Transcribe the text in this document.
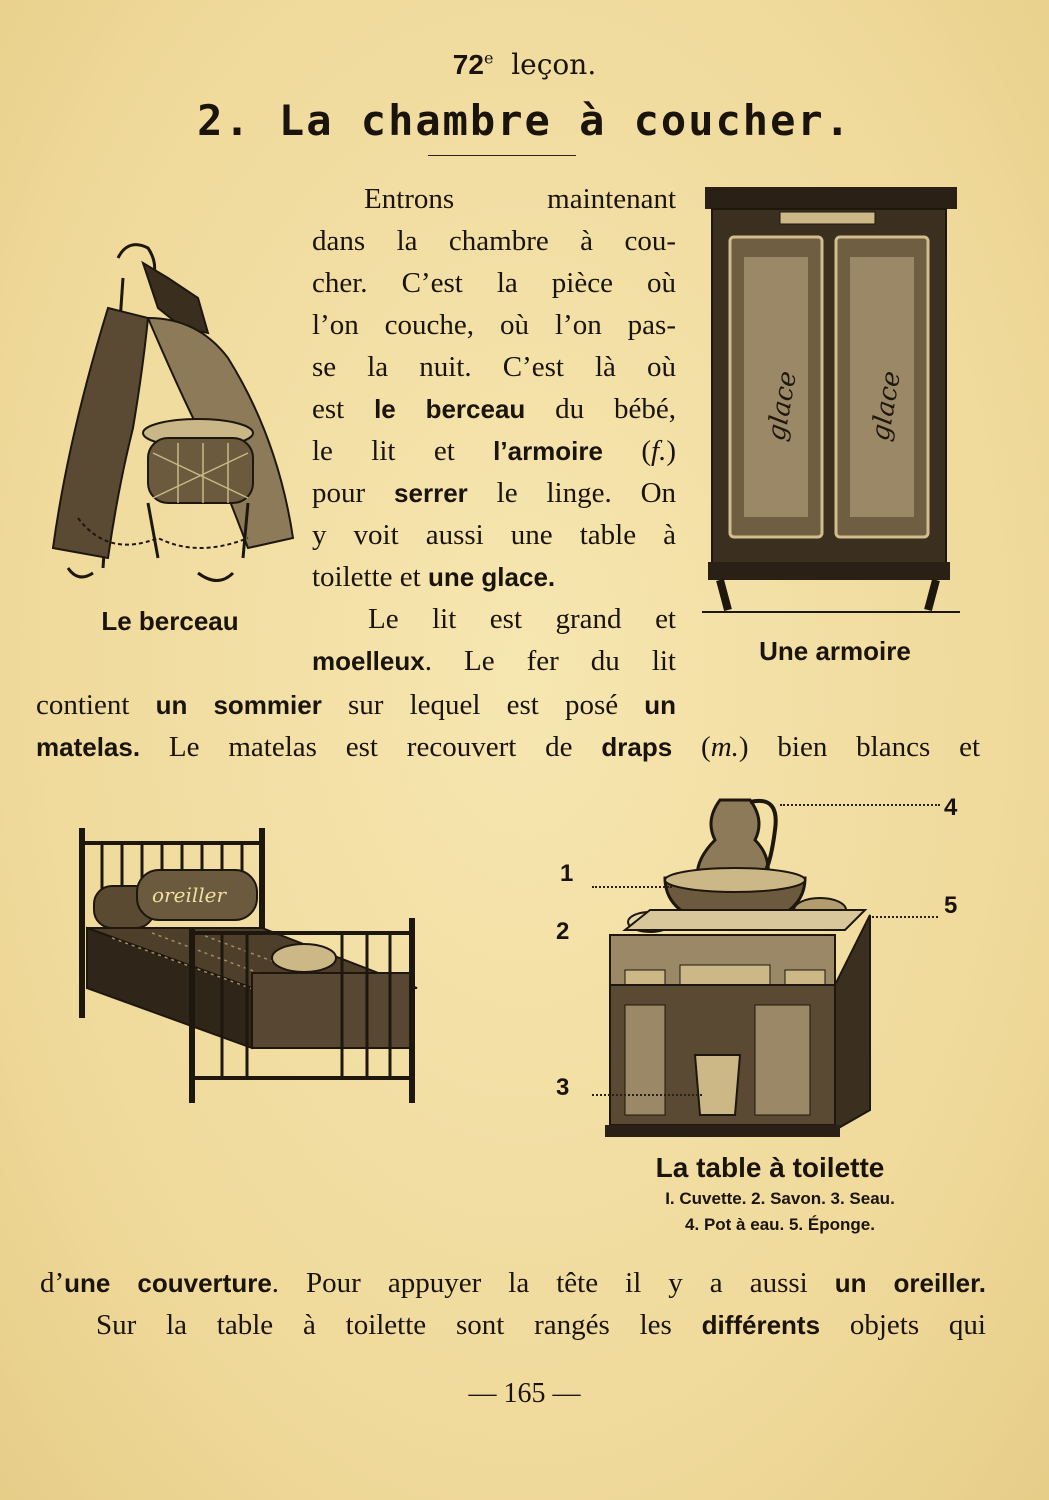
72e leçon.
2. La chambre à coucher.
Le berceau
glace glace
Une armoire
Entrons maintenant
dans la chambre à cou-
cher. C’est la pièce où
l’on couche, où l’on pas-
se la nuit. C’est là où
est le berceau du bébé,
le lit et l’armoire (f.)
pour serrer le linge. On
y voit aussi une table à
toilette et une glace.
Le lit est grand et
moelleux. Le fer du lit
contient un sommier sur lequel est posé un
matelas. Le matelas est recouvert de draps (m.) bien blancs et
oreiller
4
1
5
2
3
La table à toilette
I. Cuvette. 2. Savon. 3. Seau.
4. Pot à eau. 5. Éponge.
d’une couverture. Pour appuyer la tête il y a aussi un oreiller.
Sur la table à toilette sont rangés les différents objets qui
— 165 —
